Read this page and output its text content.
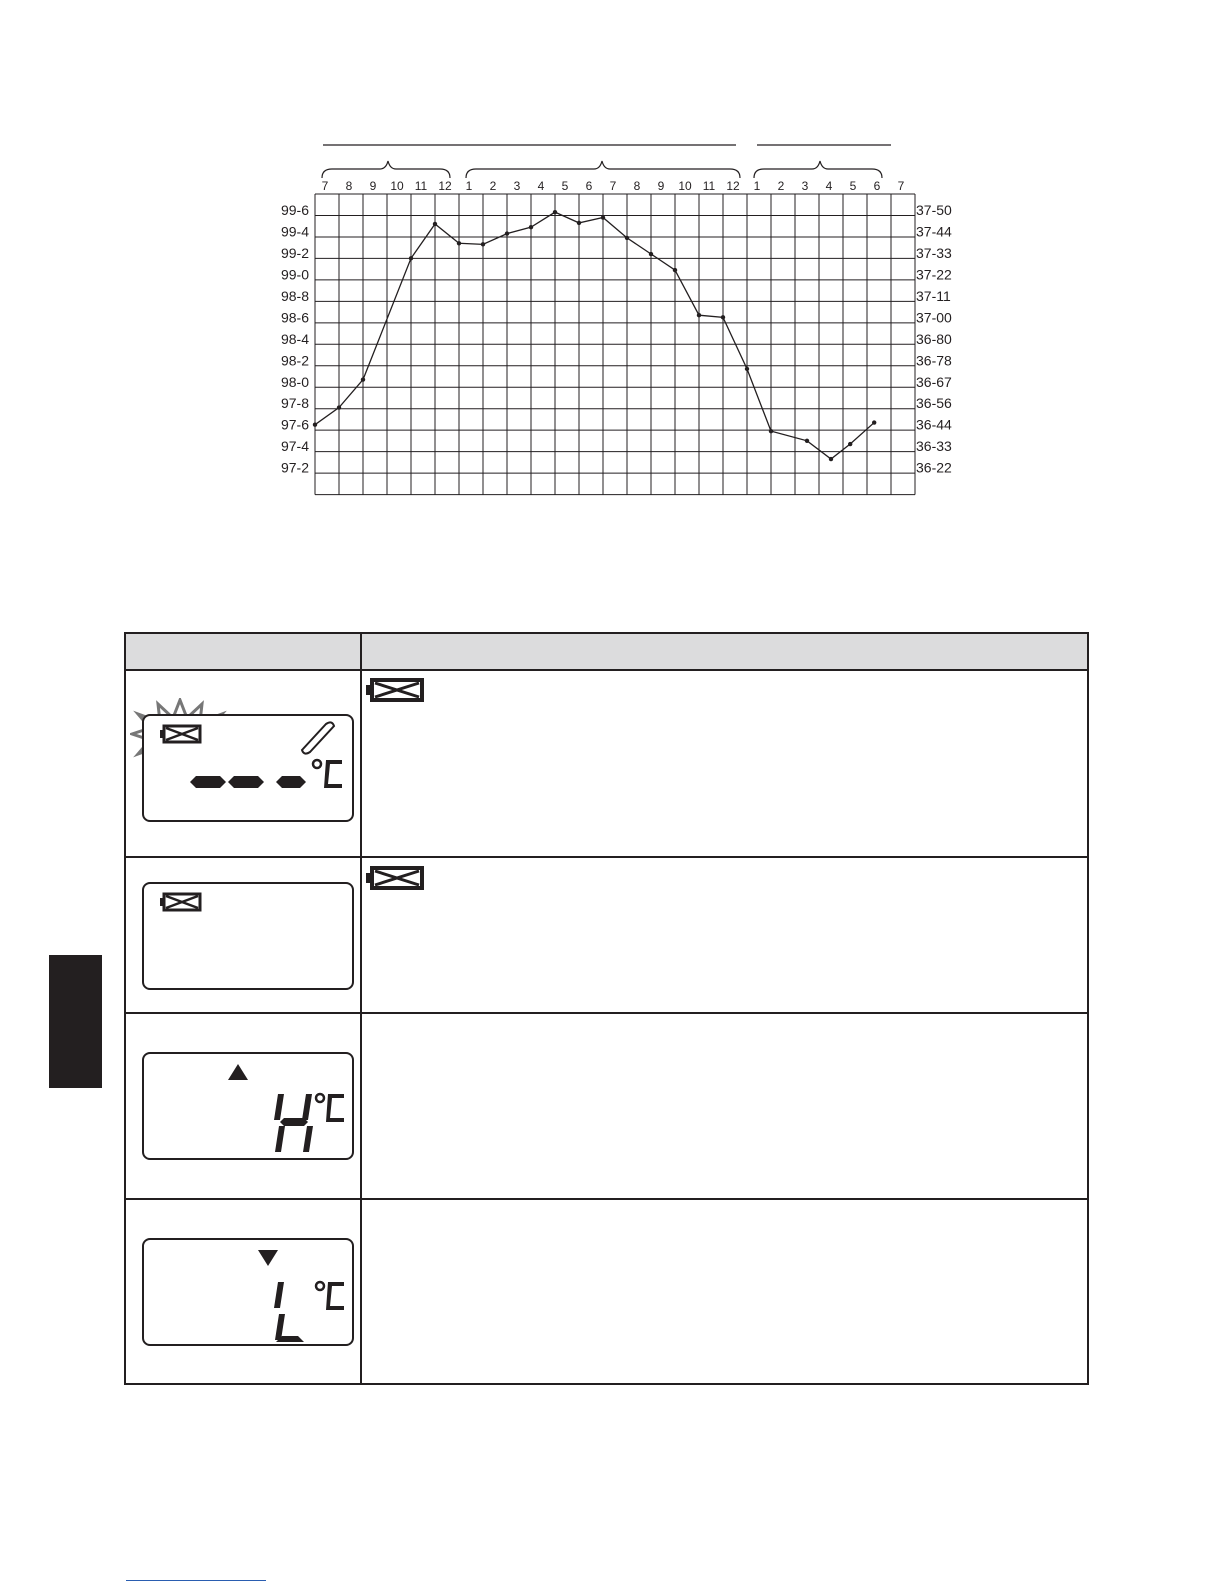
7 8 9 10 11 12 1 2 3 4 5 6 7 8 9 10 11 12 1 2 3 4 5 6 7
99-6
99-4
99-2
99-0
98-8
98-6
98-4
98-2
98-0
97-8
97-6
97-4
97-2
37-50
37-44
37-33
37-22
37-11
37-00
36-80
36-78
36-67
36-56
36-44
36-33
36-22
